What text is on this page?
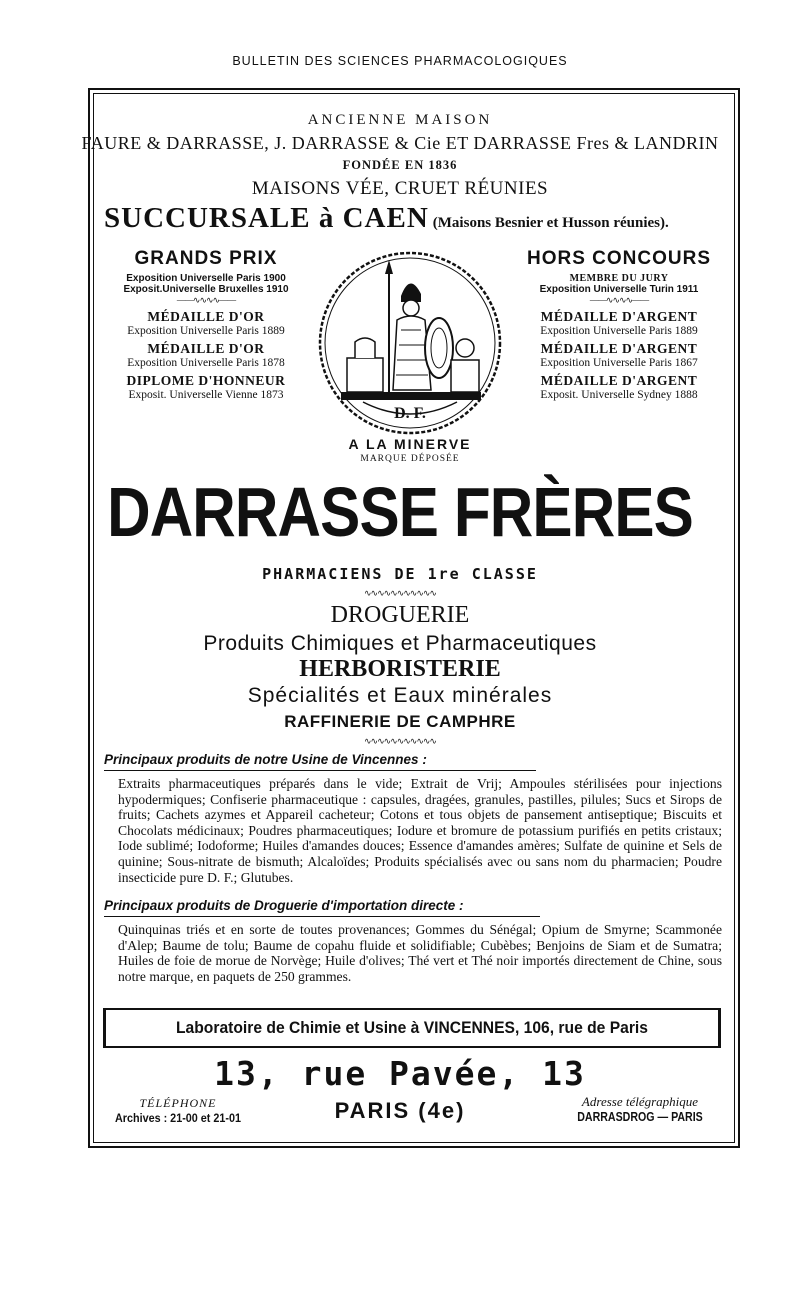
BULLETIN DES SCIENCES PHARMACOLOGIQUES
ANCIENNE MAISON
FAURE & DARRASSE, J. DARRASSE & Cie ET DARRASSE Fres & LANDRIN
FONDÉE EN 1836
MAISONS VÉE, CRUET RÉUNIES
SUCCURSALE à CAEN (Maisons Besnier et Husson réunies).
GRANDS PRIX
Exposition Universelle Paris 1900
Exposit.Universelle Bruxelles 1910
——∿∿∿∿——
MÉDAILLE D'OR
Exposition Universelle Paris 1889
MÉDAILLE D'OR
Exposition Universelle Paris 1878
DIPLOME D'HONNEUR
Exposit. Universelle Vienne 1873
HORS CONCOURS
MEMBRE DU JURY
Exposition Universelle Turin 1911
——∿∿∿∿——
MÉDAILLE D'ARGENT
Exposition Universelle Paris 1889
MÉDAILLE D'ARGENT
Exposition Universelle Paris 1867
MÉDAILLE D'ARGENT
Exposit. Universelle Sydney 1888
D. F.
A LA MINERVE
MARQUE DÉPOSÉE
DARRASSE FRÈRES
PHARMACIENS DE 1re CLASSE
∿∿∿∿∿∿∿∿∿∿∿
DROGUERIE
Produits Chimiques et Pharmaceutiques
HERBORISTERIE
Spécialités et Eaux minérales
RAFFINERIE DE CAMPHRE
∿∿∿∿∿∿∿∿∿∿∿
Principaux produits de notre Usine de Vincennes :
Extraits pharmaceutiques préparés dans le vide; Extrait de Vrij; Ampoules stérilisées pour injections hypodermiques; Confiserie pharmaceutique : capsules, dragées, granules, pastilles, pilules; Sucs et Sirops de fruits; Cachets azymes et Appareil cacheteur; Cotons et tous objets de pansement antiseptique; Biscuits et Chocolats médicinaux; Poudres pharmaceutiques; Iodure et bromure de potassium purifiés en petits cristaux; Iode sublimé; Iodoforme; Huiles d'amandes douces; Essence d'amandes amères; Sulfate de quinine et Sels de quinine; Sous-nitrate de bismuth; Alcaloïdes; Produits spécialisés avec ou sans nom du pharmacien; Poudre insecticide pure D. F.; Glutubes.
Principaux produits de Droguerie d'importation directe :
Quinquinas triés et en sorte de toutes provenances; Gommes du Sénégal; Opium de Smyrne; Scammonée d'Alep; Baume de tolu; Baume de copahu fluide et solidifiable; Cubèbes; Benjoins de Siam et de Sumatra; Huiles de foie de morue de Norvège; Huile d'olives; Thé vert et Thé noir importés directement de Chine, sous notre marque, en paquets de 250 grammes.
Laboratoire de Chimie et Usine à VINCENNES, 106, rue de Paris
13, rue Pavée, 13
PARIS (4e)
TÉLÉPHONE
Archives : 21-00 et 21-01
Adresse télégraphique
DARRASDROG — PARIS
